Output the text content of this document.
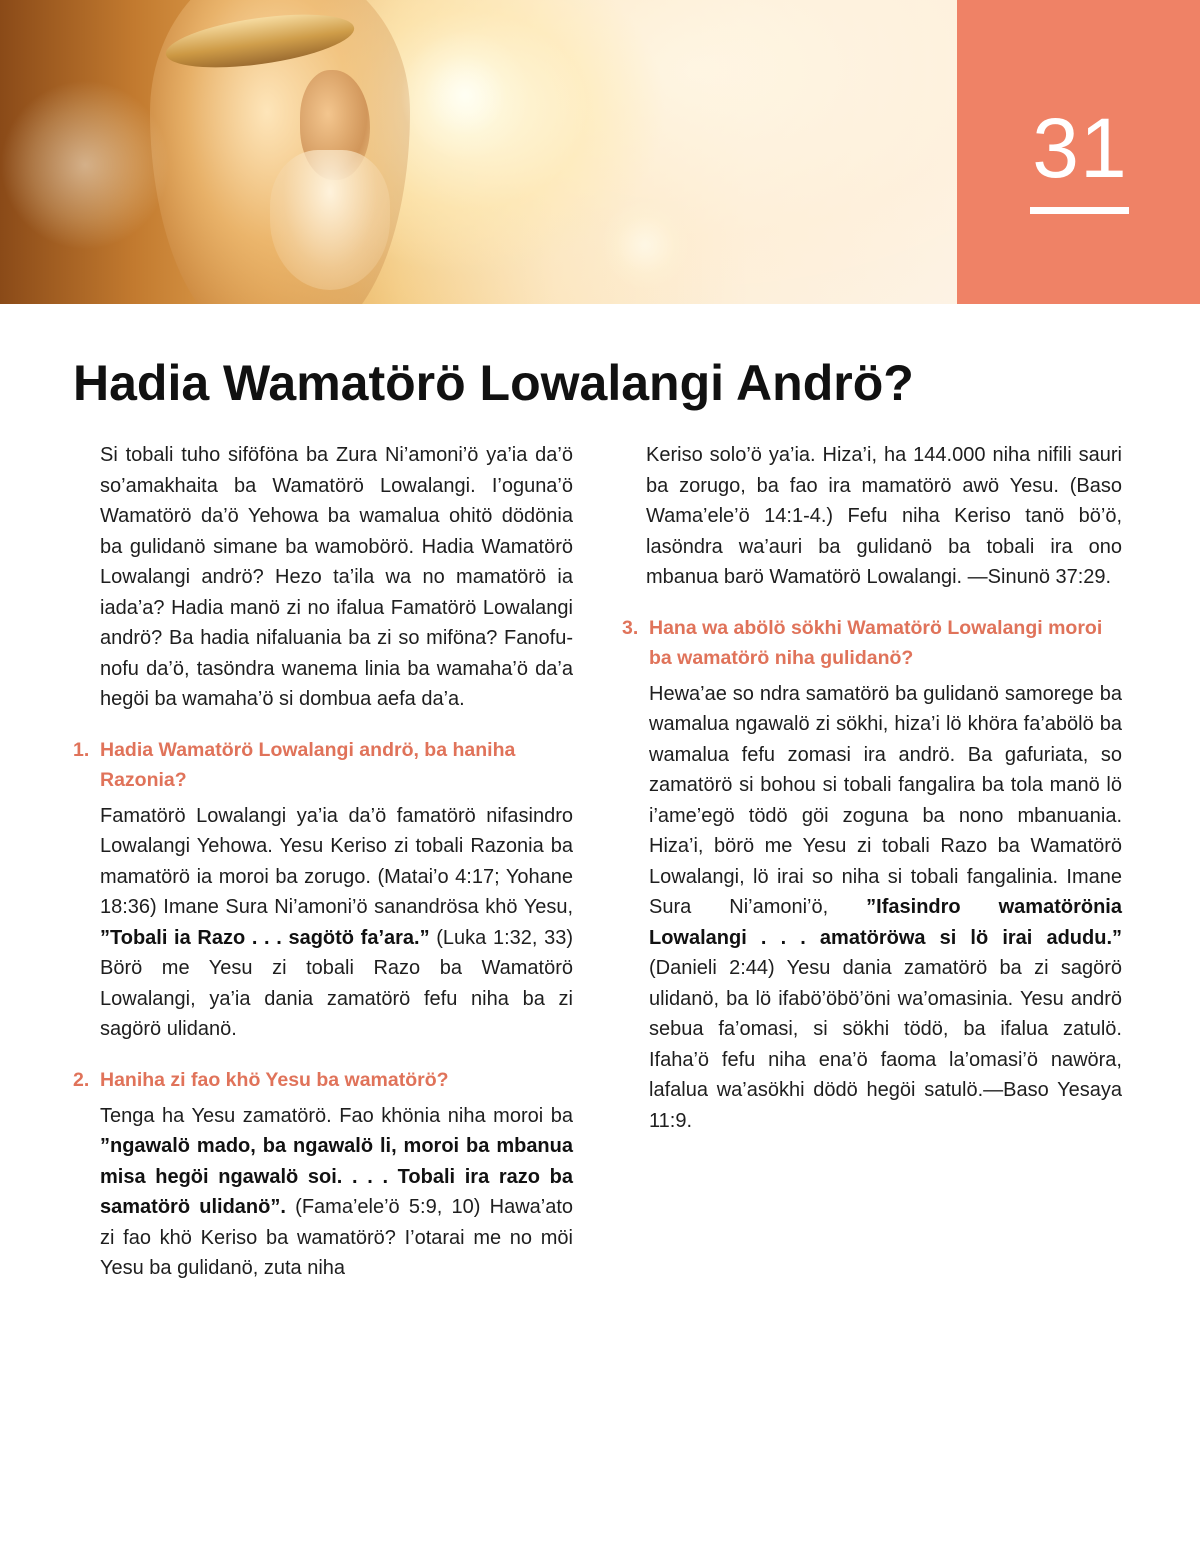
31
Hadia Wamatörö Lowalangi Andrö?

Si tobali tuho siföföna ba Zura Ni’amoni’ö ya’ia da’ö so’amakhaita ba Wamatörö Lowalangi. I’oguna’ö Wamatörö da’ö Yehowa ba wamalua ohitö dödönia ba gulidanö simane ba wamobörö. Hadia Wamatörö Lowalangi andrö? Hezo ta’ila wa no mamatörö ia iada’a? Hadia manö zi no ifalua Famatörö Lowalangi andrö? Ba hadia nifaluania ba zi so miföna? Fanofu-nofu da’ö, tasöndra wanema linia ba wamaha’ö da’a hegöi ba wamaha’ö si dombua aefa da’a.

1. Hadia Wamatörö Lowalangi andrö, ba haniha Razonia?

Famatörö Lowalangi ya’ia da’ö famatörö nifasindro Lowalangi Yehowa. Yesu Keriso zi tobali Razonia ba mamatörö ia moroi ba zorugo. (Matai’o 4:17; Yohane 18:36) Imane Sura Ni’amoni’ö sanandrösa khö Yesu, ”Tobali ia Razo . . . sagötö fa’ara.” (Luka 1:32, 33) Börö me Yesu zi tobali Razo ba Wamatörö Lowalangi, ya’ia dania zamatörö fefu niha ba zi sagörö ulidanö.

2. Haniha zi fao khö Yesu ba wamatörö?

Tenga ha Yesu zamatörö. Fao khönia niha moroi ba ”ngawalö mado, ba ngawalö li, moroi ba mbanua misa hegöi ngawalö soi. . . . Tobali ira razo ba samatörö ulidanö”. (Fama’ele’ö 5:9, 10) Hawa’ato zi fao khö Keriso ba wamatörö? I’otarai me no möi Yesu ba gulidanö, zuta niha

Keriso solo’ö ya’ia. Hiza’i, ha 144.000 niha nifili sauri ba zorugo, ba fao ira mamatörö awö Yesu. (Baso Wama’ele’ö 14:1-4.) Fefu niha Keriso tanö bö’ö, lasöndra wa’auri ba gulidanö ba tobali ira ono mbanua barö Wamatörö Lowalangi. —Sinunö 37:29.

3. Hana wa abölö sökhi Wamatörö Lowalangi moroi ba wamatörö niha gulidanö?

Hewa’ae so ndra samatörö ba gulidanö samorege ba wamalua ngawalö zi sökhi, hiza’i lö khöra fa’abölö ba wamalua fefu zomasi ira andrö. Ba gafuriata, so zamatörö si bohou si tobali fangalira ba tola manö lö i’ame’egö tödö göi zoguna ba nono mbanuania. Hiza’i, börö me Yesu zi tobali Razo ba Wamatörö Lowalangi, lö irai so niha si tobali fangalinia. Imane Sura Ni’amoni’ö, ”Ifasindro wamatörönia Lowalangi . . . amatöröwa si lö irai adudu.” (Danieli 2:44) Yesu dania zamatörö ba zi sagörö ulidanö, ba lö ifabö’öbö’öni wa’omasinia. Yesu andrö sebua fa’omasi, si sökhi tödö, ba ifalua zatulö. Ifaha’ö fefu niha ena’ö faoma la’omasi’ö nawöra, lafalua wa’asökhi dödö hegöi satulö.—Baso Yesaya 11:9.
